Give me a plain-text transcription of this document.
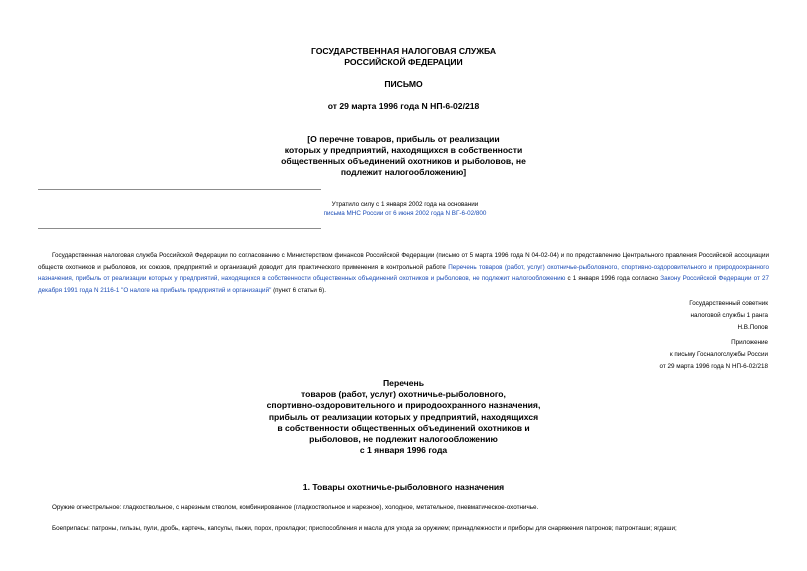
ГОСУДАРСТВЕННАЯ НАЛОГОВАЯ СЛУЖБА

РОССИЙСКОЙ ФЕДЕРАЦИИ

ПИСЬМО
от 29 марта 1996 года N НП-6-02/218

[О перечне товаров, прибыль от реализации

которых у предприятий, находящихся в собственности

общественных объединений охотников и рыболовов, не

подлежит налогообложению]

Утратило силу с 1 января 2002 года на основании

письма МНС России от 6 июня 2002 года N ВГ-6-02/800

Государственная налоговая служба Российской Федерации по согласованию с Министерством финансов Российской Федерации (письмо от 5 марта 1996 года N 04-02-04) и по представлению Центрального правления Российской ассоциации обществ охотников и рыболовов, их союзов, предприятий и организаций доводит для практического применения в контрольной работе Перечень товаров (работ, услуг) охотничье-рыболовного, спортивно-оздоровительного и природоохранного назначения, прибыль от реализации которых у предприятий, находящихся в собственности общественных объединений охотников и рыболовов, не подлежит налогообложению с 1 января 1996 года согласно Закону Российской Федерации от 27 декабря 1991 года N 2116-1 "О налоге на прибыль предприятий и организаций" (пункт 6 статьи 6).

Государственный советник

налоговой службы 1 ранга

Н.В.Попов

Приложение

к письму Госналогслужбы России

от 29 марта 1996 года N НП-6-02/218

Перечень

товаров (работ, услуг) охотничье-рыболовного,

спортивно-оздоровительного и природоохранного назначения,

прибыль от реализации которых у предприятий, находящихся

в собственности общественных объединений охотников и

рыболовов, не подлежит налогообложению

с 1 января 1996 года

1. Товары охотничье-рыболовного назначения
Оружие огнестрельное: гладкоствольное, с нарезным стволом, комбинированное (гладкоствольное и нарезное), холодное, метательное, пневматическое-охотничье.
Боеприпасы: патроны, гильзы, пули, дробь, картечь, капсулы, пыжи, порох, прокладки; приспособления и масла для ухода за оружием; принадлежности и приборы для снаряжения патронов; патронташи; ягдаши;
